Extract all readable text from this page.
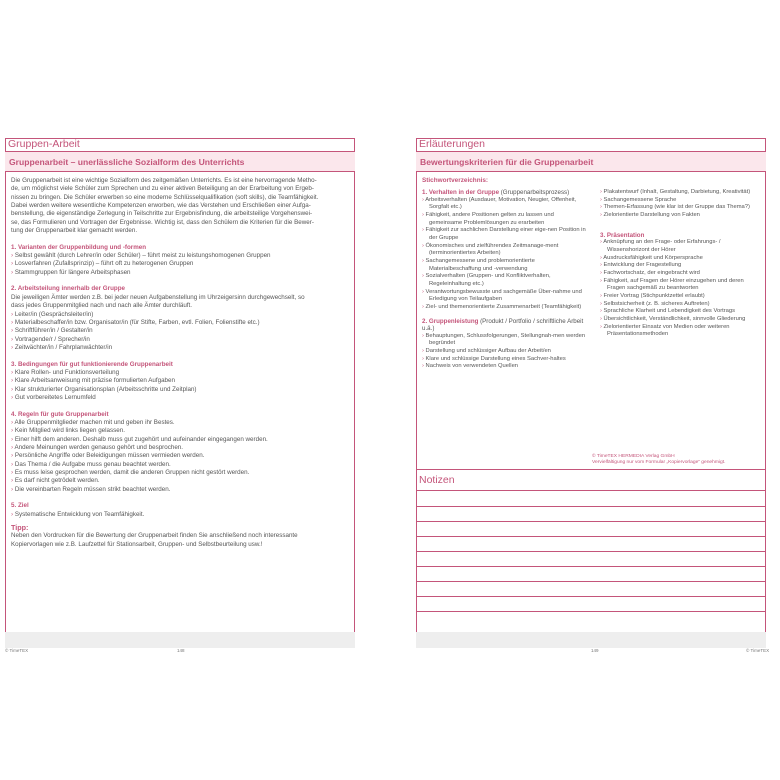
Gruppen-Arbeit
Gruppenarbeit – unerlässliche Sozialform des Unterrichts

Die Gruppenarbeit ist eine wichtige Sozialform des zeitgemäßen Unterrichts. Es ist eine hervorragende Metho-

de, um möglichst viele Schüler zum Sprechen und zu einer aktiven Beteiligung an der Erarbeitung von Ergeb-

nissen zu bringen. Die Schüler erwerben so eine moderne Schlüsselqualifikation (soft skills), die Teamfähigkeit.

Dabei werden weitere wesentliche Kompetenzen erworben, wie das Verstehen und Erschließen einer Aufga-

benstellung, die eigenständige Zerlegung in Teilschritte zur Ergebnisfindung, die arbeitsteilige Vorgehenswei-

se, das Formulieren und Vortragen der Ergebnisse. Wichtig ist, dass den Schülern die Kriterien für die Bewer-

tung der Gruppenarbeit klar gemacht werden.

1. Varianten der Gruppenbildung und -formen
› Selbst gewählt (durch Lehrer/in oder Schüler) – führt meist zu leistungshomogenen Gruppen
› Losverfahren (Zufallsprinzip) – führt oft zu heterogenen Gruppen
› Stammgruppen für längere Arbeitsphasen
2. Arbeitsteilung innerhalb der Gruppe

Die jeweiligen Ämter werden z.B. bei jeder neuen Aufgabenstellung im Uhrzeigersinn durchgewechselt, so

dass jedes Gruppenmitglied nach und nach alle Ämter durchläuft.

› Leiter/in (Gesprächsleiter/in)
› Materialbeschaffer/in bzw. Organisator/in (für Stifte, Farben, evtl. Folien, Folienstifte etc.)
› Schriftführer/in / Gestalter/in
› Vortragende/r / Sprecher/in
› Zeitwächter/in / Fahrplanwächter/in
3. Bedingungen für gut funktionierende Gruppenarbeit
› Klare Rollen- und Funktionsverteilung
› Klare Arbeitsanweisung mit präzise formulierten Aufgaben
› Klar strukturierter Organisationsplan (Arbeitsschritte und Zeitplan)
› Gut vorbereitetes Lernumfeld
4. Regeln für gute Gruppenarbeit
› Alle Gruppenmitglieder machen mit und geben ihr Bestes.
› Kein Mitglied wird links liegen gelassen.
› Einer hilft dem anderen. Deshalb muss gut zugehört und aufeinander eingegangen werden.
› Andere Meinungen werden genauso gehört und besprochen.
› Persönliche Angriffe oder Beleidigungen müssen vermieden werden.
› Das Thema / die Aufgabe muss genau beachtet werden.
› Es muss leise gesprochen werden, damit die anderen Gruppen nicht gestört werden.
› Es darf nicht getrödelt werden.
› Die vereinbarten Regeln müssen strikt beachtet werden.
5. Ziel
› Systematische Entwicklung von Teamfähigkeit.
Tipp:

Neben den Vordrucken für die Bewertung der Gruppenarbeit finden Sie anschließend noch interessante

Kopiervorlagen wie z.B. Laufzettel für Stationsarbeit, Gruppen- und Selbstbeurteilung usw.!

© TimeTEX	148
Erläuterungen
Bewertungskriterien für die Gruppenarbeit
Stichwortverzeichnis:
1. Verhalten in der Gruppe (Gruppenarbeitsprozess)
› Arbeitsverhalten (Ausdauer, Motivation, Neugier, Offenheit, Sorgfalt etc.)
› Fähigkeit, andere Positionen gelten zu lassen und gemeinsame Problemlösungen zu erarbeiten
› Fähigkeit zur sachlichen Darstellung einer eige-nen Position in der Gruppe
› Ökonomisches und zielführendes Zeitmanage-ment (terminorientiertes Arbeiten)
› Sachangemessene und problemorientierte Materialbeschaffung und -verwendung
› Sozialverhalten (Gruppen- und Konfliktverhalten, Regeleinhaltung etc.)
› Verantwortungsbewusste und sachgemäße Über-nahme und Erledigung von Teilaufgaben
› Ziel- und themenorientierte Zusammenarbeit (Teamfähigkeit)
2. Gruppenleistung (Produkt / Portfolio / schriftliche Arbeit u.ä.)
› Behauptungen, Schlussfolgerungen, Stellungnah-men werden begründet
› Darstellung und schlüssiger Aufbau der Arbeit/en
› Klare und schlüssige Darstellung eines Sachver-haltes
› Nachweis von verwendeten Quellen
› Plakatentwurf (Inhalt, Gestaltung, Darbietung, Kreativität)
› Sachangemessene Sprache
› Themen-Erfassung (wie klar ist der Gruppe das Thema?)
› Zielorientierte Darstellung von Fakten
3. Präsentation
› Anknüpfung an den Frage- oder Erfahrungs- / Wissenshorizont der Hörer
› Ausdrucksfähigkeit und Körpersprache
› Entwicklung der Fragestellung
› Fachwortschatz, der eingebracht wird
› Fähigkeit, auf Fragen der Hörer einzugehen und deren Fragen sachgemäß zu beantworten
› Freier Vortrag (Stichpunktzettel erlaubt)
› Selbstsicherheit (z. B. sicheres Auftreten)
› Sprachliche Klarheit und Lebendigkeit des Vortrags
› Übersichtlichkeit, Verständlichkeit, sinnvolle Gliederung
› Zielorientierter Einsatz von Medien oder weiteren Präsentationsmethoden
© TimeTEX HERMEDIA Verlag GmbH
Vervielfältigung nur vom Formular „Kopiervorlage“ genehmigt.
Notizen
149	© TimeTEX
